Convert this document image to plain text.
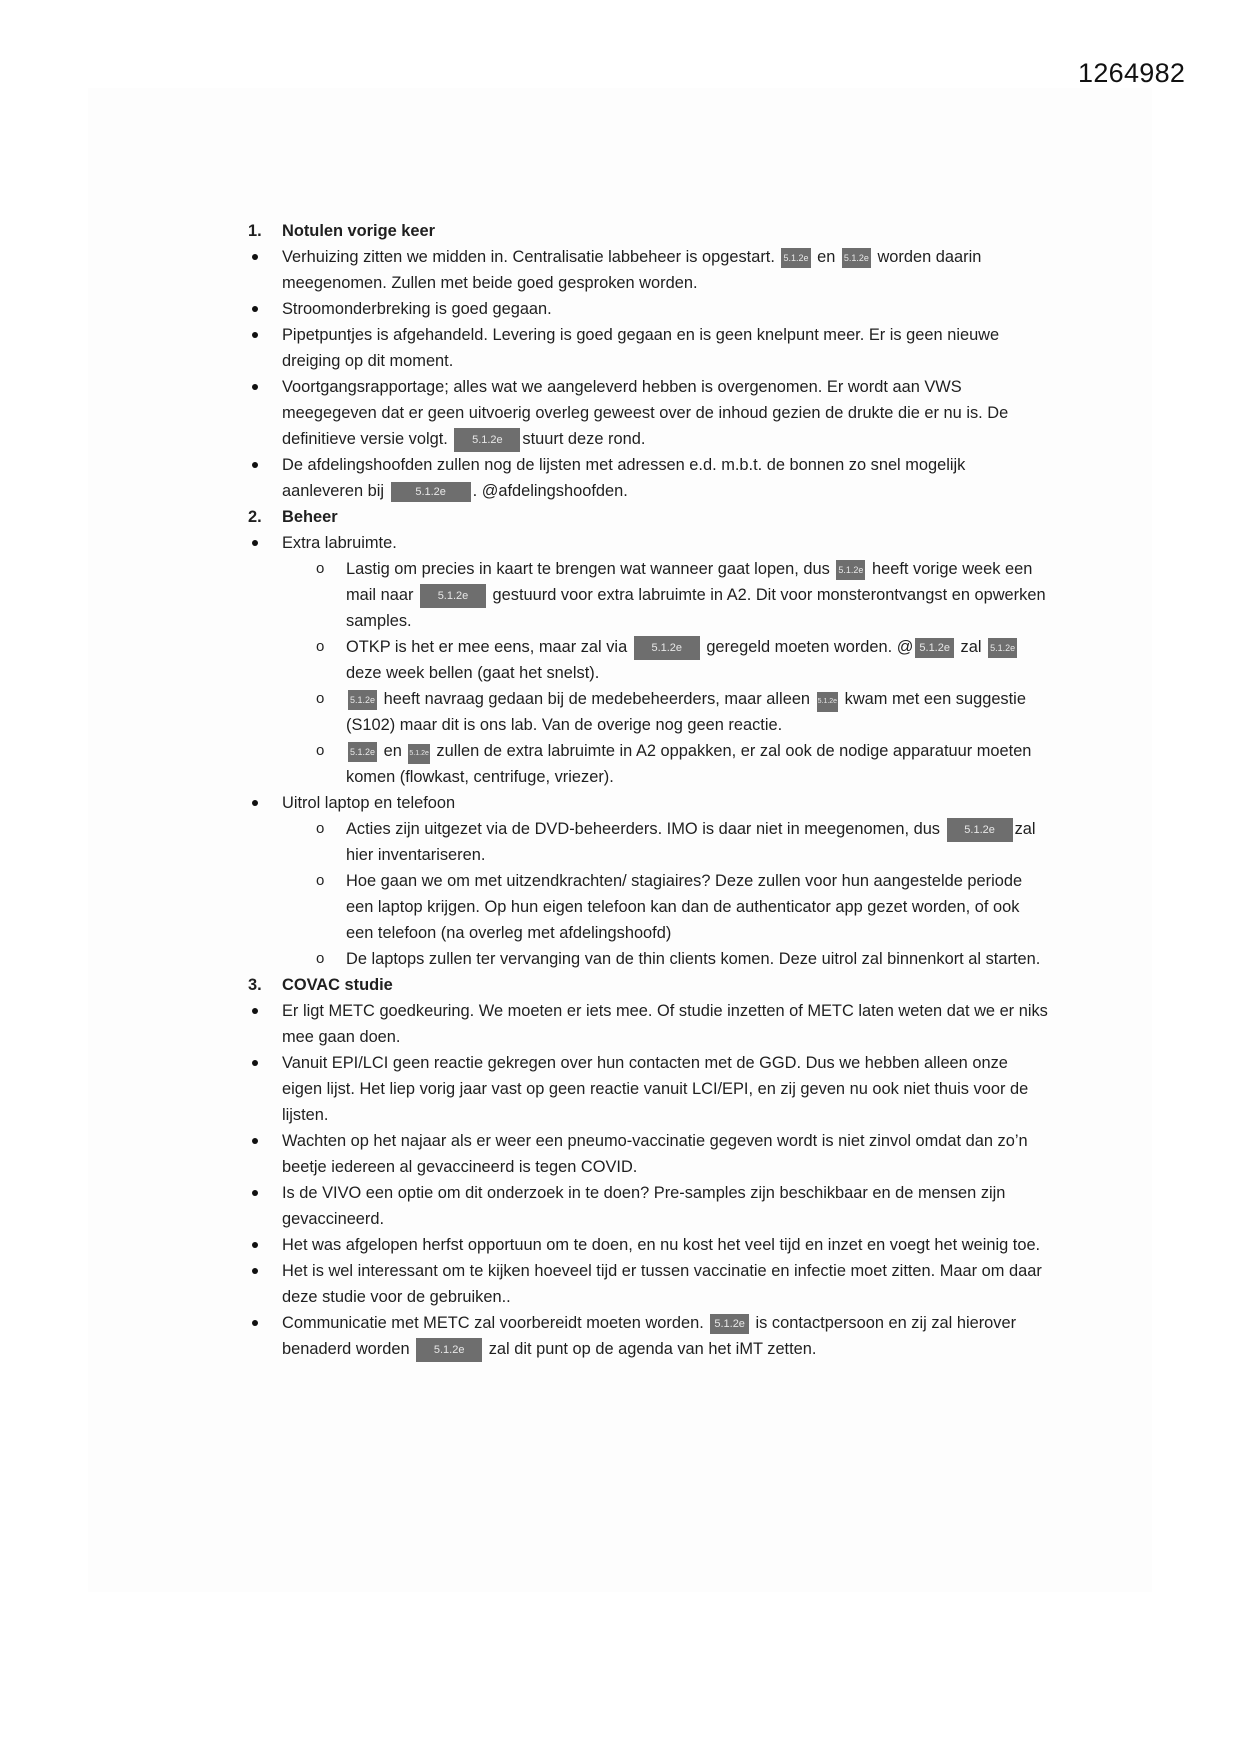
1264982
1. Notulen vorige keer
Verhuizing zitten we midden in. Centralisatie labbeheer is opgestart. 5.1.2e en 5.1.2e worden daarin meegenomen. Zullen met beide goed gesproken worden.
Stroomonderbreking is goed gegaan.
Pipetpuntjes is afgehandeld. Levering is goed gegaan en is geen knelpunt meer. Er is geen nieuwe dreiging op dit moment.
Voortgangsrapportage; alles wat we aangeleverd hebben is overgenomen. Er wordt aan VWS meegegeven dat er geen uitvoerig overleg geweest over de inhoud gezien de drukte die er nu is. De definitieve versie volgt. 5.1.2e stuurt deze rond.
De afdelingshoofden zullen nog de lijsten met adressen e.d. m.b.t. de bonnen zo snel mogelijk aanleveren bij	5.1.2e . @afdelingshoofden.
2. Beheer
Extra labruimte.
o Lastig om precies in kaart te brengen wat wanneer gaat lopen, dus 5.1.2e heeft vorige week een mail naar 5.1.2e gestuurd voor extra labruimte in A2. Dit voor monsterontvangst en opwerken samples.
o OTKP is het er mee eens, maar zal via 5.1.2e geregeld moeten worden. @ 5.1.2e zal 5.1.2edeze week bellen (gaat het snelst).
o 5.1.2e heeft navraag gedaan bij de medebeheerders, maar alleen 5.1.2e kwam met een suggestie (S102) maar dit is ons lab. Van de overige nog geen reactie.
o 5.1.2e en 5.1.2e zullen de extra labruimte in A2 oppakken, er zal ook de nodige apparatuur moeten komen (flowkast, centrifuge, vriezer).
Uitrol laptop en telefoon
o Acties zijn uitgezet via de DVD-beheerders. IMO is daar niet in meegenomen, dus 5.1.2e zal hier inventariseren.
o Hoe gaan we om met uitzendkrachten/ stagiaires? Deze zullen voor hun aangestelde periode een laptop krijgen. Op hun eigen telefoon kan dan de authenticator app gezet worden, of ook een telefoon (na overleg met afdelingshoofd)
o De laptops zullen ter vervanging van de thin clients komen. Deze uitrol zal binnenkort al starten.
3. COVAC studie
Er ligt METC goedkeuring. We moeten er iets mee. Of studie inzetten of METC laten weten dat we er niks mee gaan doen.
Vanuit EPI/LCI geen reactie gekregen over hun contacten met de GGD. Dus we hebben alleen onze eigen lijst. Het liep vorig jaar vast op geen reactie vanuit LCI/EPI, en zij geven nu ook niet thuis voor de lijsten.
Wachten op het najaar als er weer een pneumo-vaccinatie gegeven wordt is niet zinvol omdat dan zo’n beetje iedereen al gevaccineerd is tegen COVID.
Is de VIVO een optie om dit onderzoek in te doen? Pre-samples zijn beschikbaar en de mensen zijn gevaccineerd.
Het was afgelopen herfst opportuun om te doen, en nu kost het veel tijd en inzet en voegt het weinig toe.
Het is wel interessant om te kijken hoeveel tijd er tussen vaccinatie en infectie moet zitten. Maar om daar deze studie voor de gebruiken..
Communicatie met METC zal voorbereidt moeten worden. 5.1.2e is contactpersoon en zij zal hierover benaderd worden 5.1.2e zal dit punt op de agenda van het iMT zetten.
